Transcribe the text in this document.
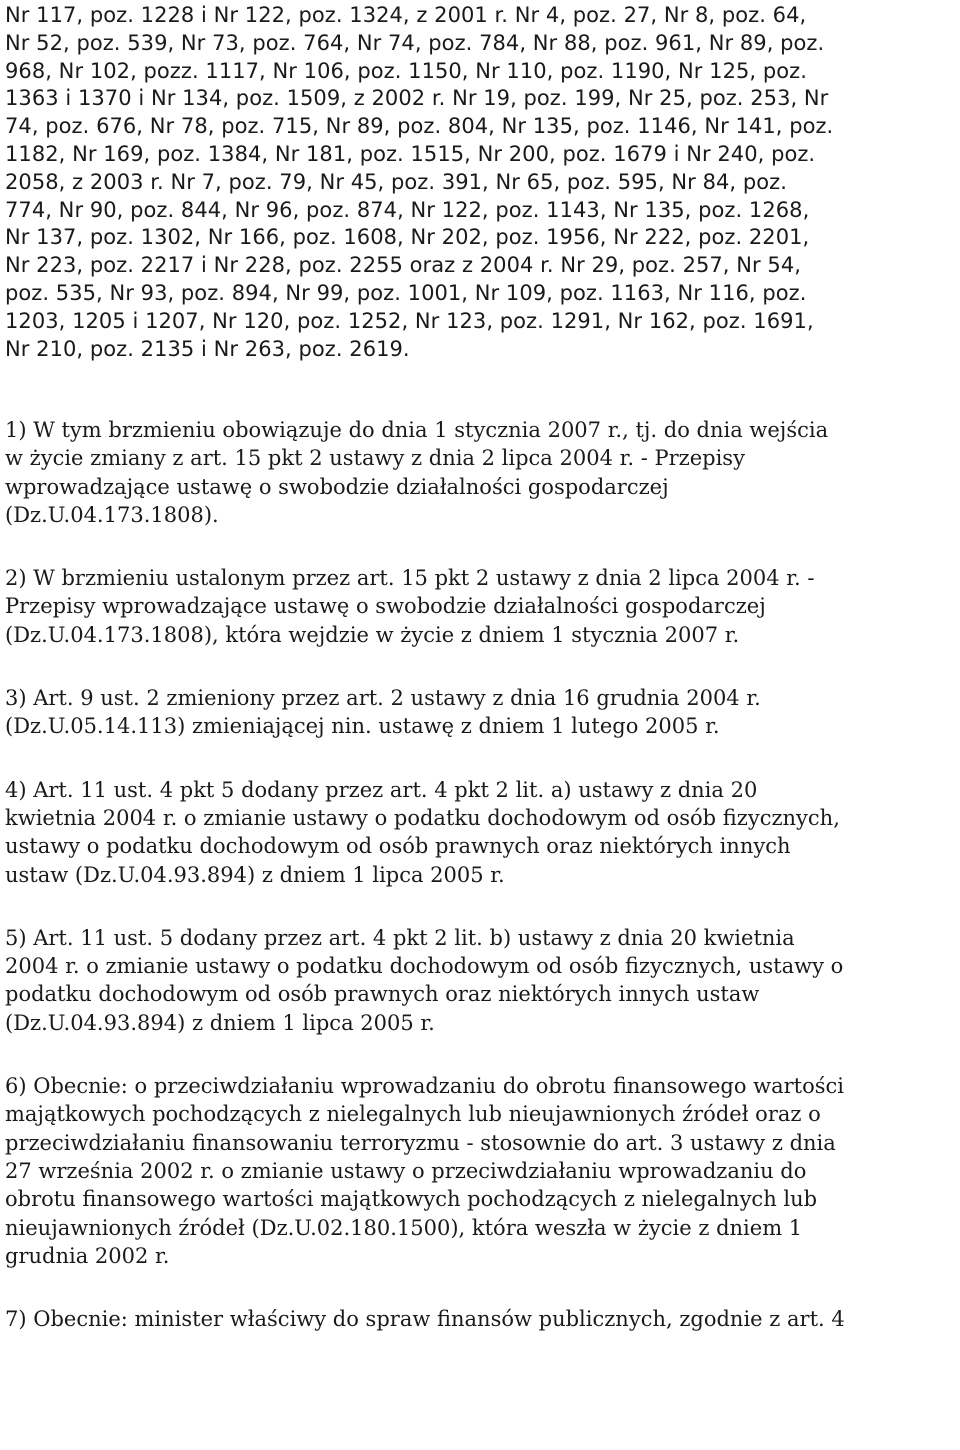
Nr 117, poz. 1228 i Nr 122, poz. 1324, z 2001 r. Nr 4, poz. 27, Nr 8, poz. 64,
Nr 52, poz. 539, Nr 73, poz. 764, Nr 74, poz. 784, Nr 88, poz. 961, Nr 89, poz.
968, Nr 102, pozz. 1117, Nr 106, poz. 1150, Nr 110, poz. 1190, Nr 125, poz.
1363 i 1370 i Nr 134, poz. 1509, z 2002 r. Nr 19, poz. 199, Nr 25, poz. 253, Nr
74, poz. 676, Nr 78, poz. 715, Nr 89, poz. 804, Nr 135, poz. 1146, Nr 141, poz.
1182, Nr 169, poz. 1384, Nr 181, poz. 1515, Nr 200, poz. 1679 i Nr 240, poz.
2058, z 2003 r. Nr 7, poz. 79, Nr 45, poz. 391, Nr 65, poz. 595, Nr 84, poz.
774, Nr 90, poz. 844, Nr 96, poz. 874, Nr 122, poz. 1143, Nr 135, poz. 1268,
Nr 137, poz. 1302, Nr 166, poz. 1608, Nr 202, poz. 1956, Nr 222, poz. 2201,
Nr 223, poz. 2217 i Nr 228, poz. 2255 oraz z 2004 r. Nr 29, poz. 257, Nr 54,
poz. 535, Nr 93, poz. 894, Nr 99, poz. 1001, Nr 109, poz. 1163, Nr 116, poz.
1203, 1205 i 1207, Nr 120, poz. 1252, Nr 123, poz. 1291, Nr 162, poz. 1691,
Nr 210, poz. 2135 i Nr 263, poz. 2619.

1) W tym brzmieniu obowiązuje do dnia 1 stycznia 2007 r., tj. do dnia wejścia
w życie zmiany z art. 15 pkt 2 ustawy z dnia 2 lipca 2004 r. - Przepisy
wprowadzające ustawę o swobodzie działalności gospodarczej
(Dz.U.04.173.1808).
2) W brzmieniu ustalonym przez art. 15 pkt 2 ustawy z dnia 2 lipca 2004 r. -
Przepisy wprowadzające ustawę o swobodzie działalności gospodarczej
(Dz.U.04.173.1808), która wejdzie w życie z dniem 1 stycznia 2007 r.
3) Art. 9 ust. 2 zmieniony przez art. 2 ustawy z dnia 16 grudnia 2004 r.
(Dz.U.05.14.113) zmieniającej nin. ustawę z dniem 1 lutego 2005 r.
4) Art. 11 ust. 4 pkt 5 dodany przez art. 4 pkt 2 lit. a) ustawy z dnia 20
kwietnia 2004 r. o zmianie ustawy o podatku dochodowym od osób fizycznych,
ustawy o podatku dochodowym od osób prawnych oraz niektórych innych
ustaw (Dz.U.04.93.894) z dniem 1 lipca 2005 r.
5) Art. 11 ust. 5 dodany przez art. 4 pkt 2 lit. b) ustawy z dnia 20 kwietnia
2004 r. o zmianie ustawy o podatku dochodowym od osób fizycznych, ustawy o
podatku dochodowym od osób prawnych oraz niektórych innych ustaw
(Dz.U.04.93.894) z dniem 1 lipca 2005 r.
6) Obecnie: o przeciwdziałaniu wprowadzaniu do obrotu finansowego wartości
majątkowych pochodzących z nielegalnych lub nieujawnionych źródeł oraz o
przeciwdziałaniu finansowaniu terroryzmu - stosownie do art. 3 ustawy z dnia
27 września 2002 r. o zmianie ustawy o przeciwdziałaniu wprowadzaniu do
obrotu finansowego wartości majątkowych pochodzących z nielegalnych lub
nieujawnionych źródeł (Dz.U.02.180.1500), która weszła w życie z dniem 1
grudnia 2002 r.
7) Obecnie: minister właściwy do spraw finansów publicznych, zgodnie z art. 4
